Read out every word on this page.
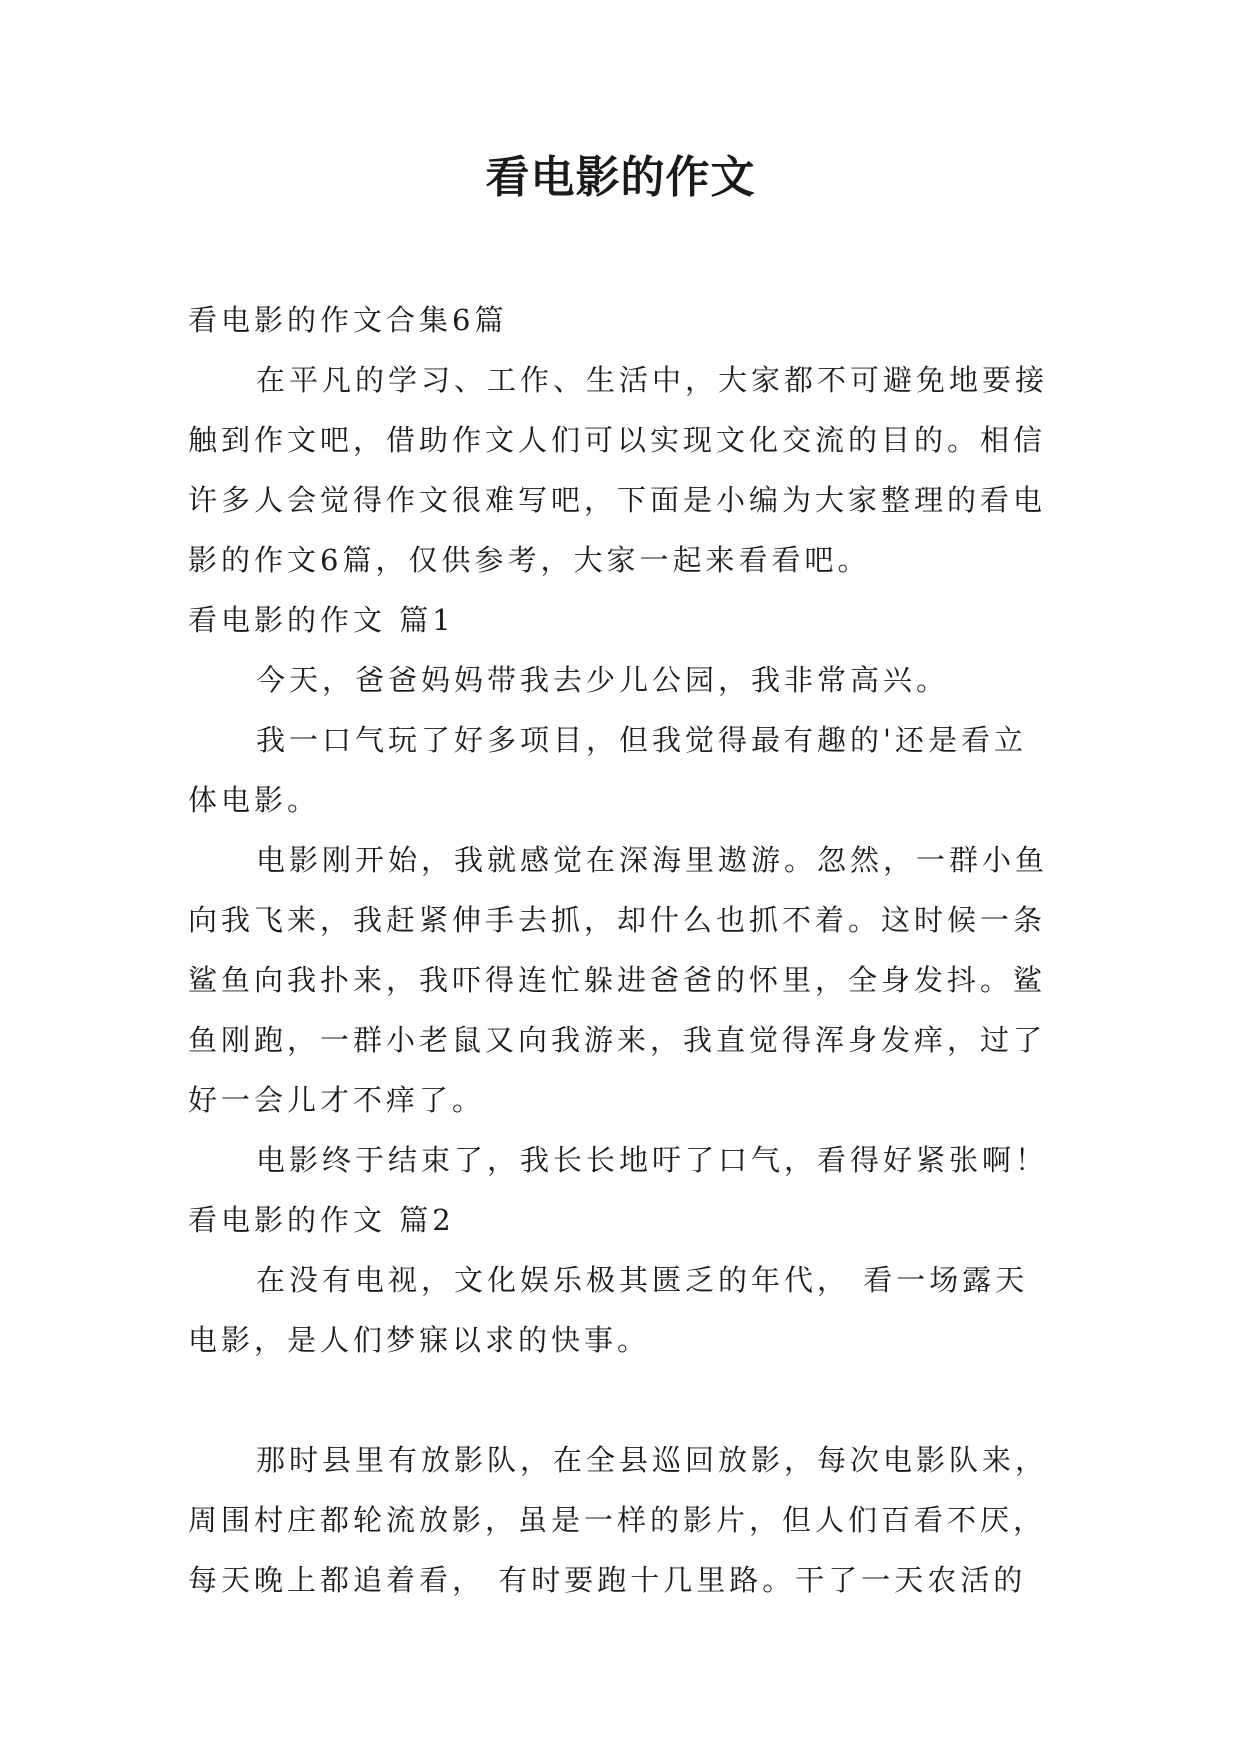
看电影的作文

看电影的作文合集6篇

在平凡的学习、工作、生活中，大家都不可避免地要接

触到作文吧，借助作文人们可以实现文化交流的目的。相信

许多人会觉得作文很难写吧，下面是小编为大家整理的看电

影的作文6篇，仅供参考，大家一起来看看吧。

看电影的作文 篇1

今天，爸爸妈妈带我去少儿公园，我非常高兴。

我一口气玩了好多项目，但我觉得最有趣的'还是看立

体电影。

电影刚开始，我就感觉在深海里遨游。忽然，一群小鱼

向我飞来，我赶紧伸手去抓，却什么也抓不着。这时候一条

鲨鱼向我扑来，我吓得连忙躲进爸爸的怀里，全身发抖。鲨

鱼刚跑，一群小老鼠又向我游来，我直觉得浑身发痒，过了

好一会儿才不痒了。

电影终于结束了，我长长地吁了口气，看得好紧张啊！

看电影的作文 篇2

在没有电视，文化娱乐极其匮乏的年代， 看一场露天

电影，是人们梦寐以求的快事。

那时县里有放影队，在全县巡回放影，每次电影队来，

周围村庄都轮流放影，虽是一样的影片，但人们百看不厌，

每天晚上都追着看， 有时要跑十几里路。干了一天农活的
